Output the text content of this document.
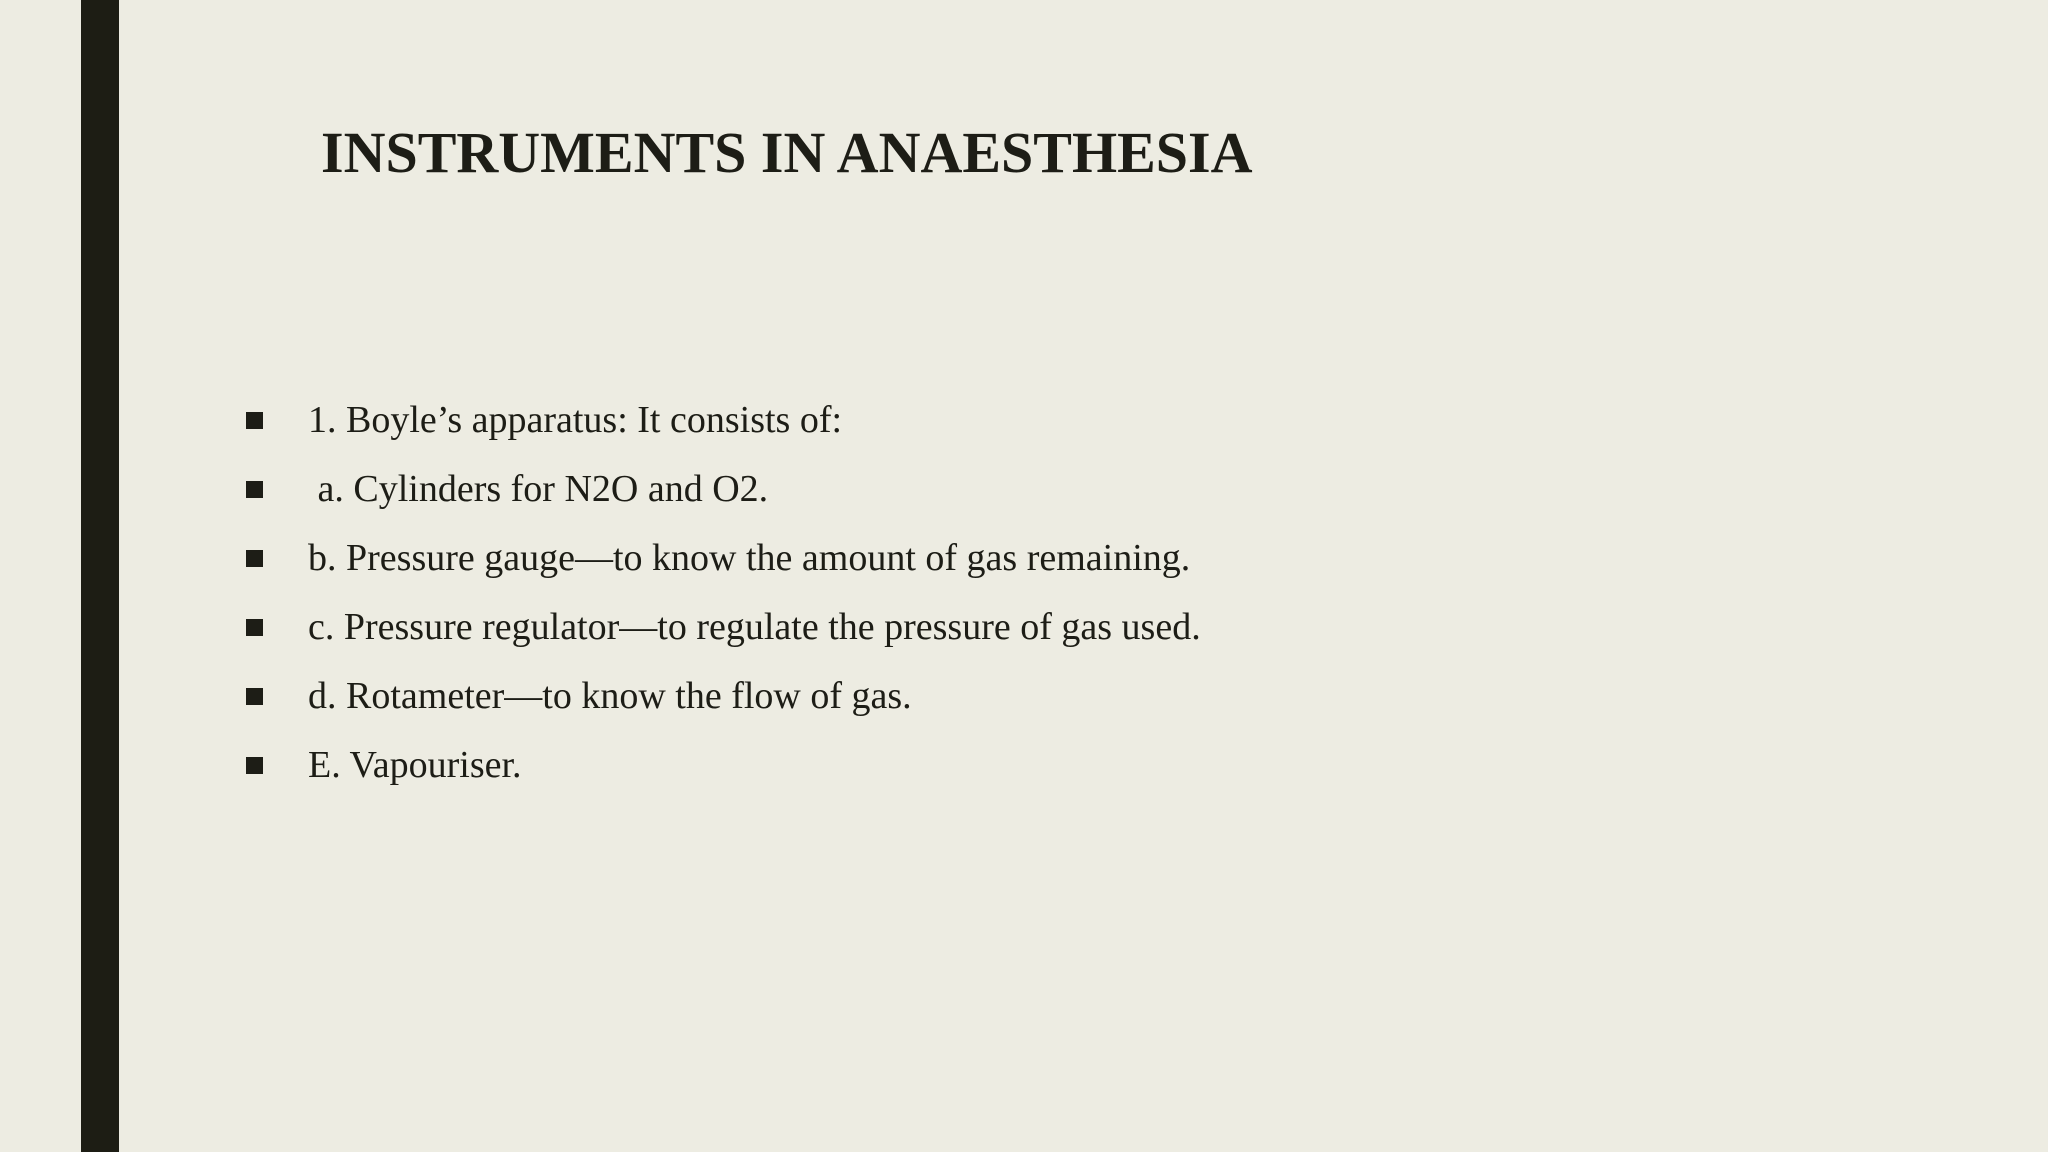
INSTRUMENTS IN ANAESTHESIA
1. Boyle’s apparatus: It consists of:
a. Cylinders for N2O and O2.
b. Pressure gauge—to know the amount of gas remaining.
c. Pressure regulator—to regulate the pressure of gas used.
d. Rotameter—to know the flow of gas.
E. Vapouriser.
